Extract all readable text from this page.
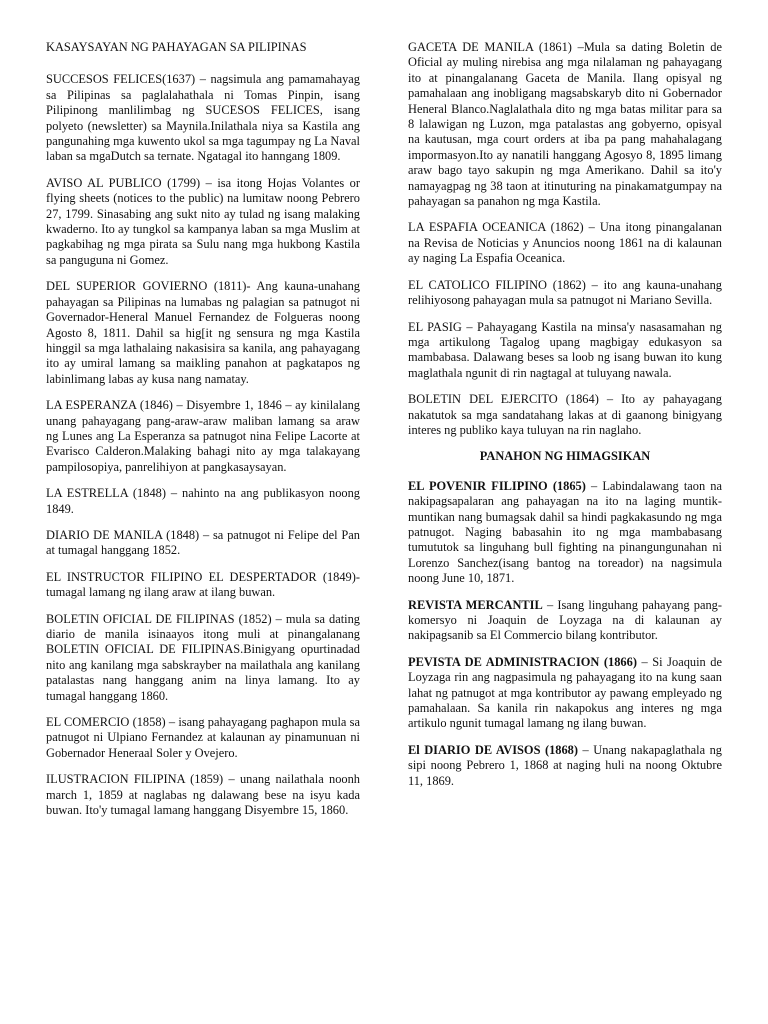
KASAYSAYAN NG PAHAYAGAN SA PILIPINAS

SUCCESOS FELICES(1637) – nagsimula ang pamamahayag sa Pilipinas sa paglalahathala ni Tomas Pinpin, isang Pilipinong manlilimbag ng SUCESOS FELICES, isang polyeto (newsletter) sa Maynila.Inilathala niya sa Kastila ang pangunahing mga kuwento ukol sa mga tagumpay ng La Naval laban sa mgaDutch sa ternate. Ngatagal ito hanngang 1809.

AVISO AL PUBLICO (1799) – isa itong Hojas Volantes or flying sheets (notices to the public) na lumitaw noong Pebrero 27, 1799. Sinasabing ang sukt nito ay tulad ng isang malaking kwaderno. Ito ay tungkol sa kampanya laban sa mga Muslim at pagkabihag ng mga pirata sa Sulu nang mga hukbong Kastila sa panguguna ni Gomez.

DEL SUPERIOR GOVIERNO (1811)- Ang kauna-unahang pahayagan sa Pilipinas na lumabas ng palagian sa patnugot ni Governador-Heneral Manuel Fernandez de Folgueras noong Agosto 8, 1811. Dahil sa hig[it ng sensura ng mga Kastila hinggil sa mga lathalaing nakasisira sa kanila, ang pahayagang ito ay umiral lamang sa maikling panahon at pagkatapos ng labinlimang labas ay kusa nang namatay.

LA ESPERANZA (1846) – Disyembre 1, 1846 – ay kinilalang unang pahayagang pang-araw-araw maliban lamang sa araw ng Lunes ang La Esperanza sa patnugot nina Felipe Lacorte at Evarisco Calderon.Malaking bahagi nito ay mga talakayang pampilosopiya, panrelihiyon at pangkasaysayan.

LA ESTRELLA (1848) – nahinto na ang publikasyon noong 1849.

DIARIO DE MANILA (1848) – sa patnugot ni Felipe del Pan at tumagal hanggang 1852.

EL INSTRUCTOR FILIPINO EL DESPERTADOR (1849)- tumagal lamang ng ilang araw at ilang buwan.

BOLETIN OFICIAL DE FILIPINAS (1852) – mula sa dating diario de manila isinaayos itong muli at pinangalanang BOLETIN OFICIAL DE FILIPINAS.Binigyang opurtinadad nito ang kanilang mga sabskrayber na mailathala ang kanilang patalastas nang hanggang anim na linya lamang. Ito ay tumagal hanggang 1860.

EL COMERCIO (1858) – isang pahayagang paghapon mula sa patnugot ni Ulpiano Fernandez at kalaunan ay pinamunuan ni Gobernador Heneraal Soler y Ovejero.

ILUSTRACION FILIPINA (1859) – unang nailathala noonh march 1, 1859 at naglabas ng dalawang bese na isyu kada buwan. Ito'y tumagal lamang hanggang Disyembre 15, 1860.

GACETA DE MANILA (1861) –Mula sa dating Boletin de Oficial ay muling nirebisa ang mga nilalaman ng pahayagang ito at pinangalanang Gaceta de Manila. Ilang opisyal ng pamahalaan ang inobligang magsabskaryb dito ni Gobernador Heneral Blanco.Naglalathala dito ng mga batas militar para sa 8 lalawigan ng Luzon, mga patalastas ang gobyerno, opisyal na kautusan, mga court orders at iba pa pang mahahalagang impormasyon.Ito ay nanatili hanggang Agosyo 8, 1895 limang araw bago tayo sakupin ng mga Amerikano. Dahil sa ito'y namayagpag ng 38 taon at itinuturing na pinakamatgumpay na pahayagan sa panahon ng mga Kastila.

LA ESPAFIA OCEANICA (1862) – Una itong pinangalanan na Revisa de Noticias y Anuncios noong 1861 na di kalaunan ay naging La Espafia Oceanica.

EL CATOLICO FILIPINO (1862) – ito ang kauna-unahang relihiyosong pahayagan mula sa patnugot ni Mariano Sevilla.

EL PASIG – Pahayagang Kastila na minsa'y nasasamahan ng mga artikulong Tagalog upang magbigay edukasyon sa mambabasa. Dalawang beses sa loob ng isang buwan ito kung maglathala ngunit di rin nagtagal at tuluyang nawala.

BOLETIN DEL EJERCITO (1864) – Ito ay pahayagang nakatutok sa mga sandatahang lakas at di gaanong binigyang interes ng publiko kaya tuluyan na rin naglaho.

PANAHON NG HIMAGSIKAN

EL POVENIR FILIPINO (1865) – Labindalawang taon na nakipagsapalaran ang pahayagan na ito na laging muntik-muntikan nang bumagsak dahil sa hindi pagkakasundo ng mga patnugot. Naging babasahin ito ng mga mambabasang tumututok sa linguhang bull fighting na pinangungunahan ni Lorenzo Sanchez(isang bantog na toreador) na nagsimula noong June 10, 1871.

REVISTA MERCANTIL – Isang linguhang pahayang pang-komersyo ni Joaquin de Loyzaga na di kalaunan ay nakipagsanib sa El Commercio bilang kontributor.

PEVISTA DE ADMINISTRACION (1866) – Si Joaquin de Loyzaga rin ang nagpasimula ng pahayagang ito na kung saan lahat ng patnugot at mga kontributor ay pawang empleyado ng pamahalaan. Sa kanila rin nakapokus ang interes ng mga artikulo ngunit tumagal lamang ng ilang buwan.

El DIARIO DE AVISOS (1868) – Unang nakapaglathala ng sipi noong Pebrero 1, 1868 at naging huli na noong Oktubre 11, 1869.
